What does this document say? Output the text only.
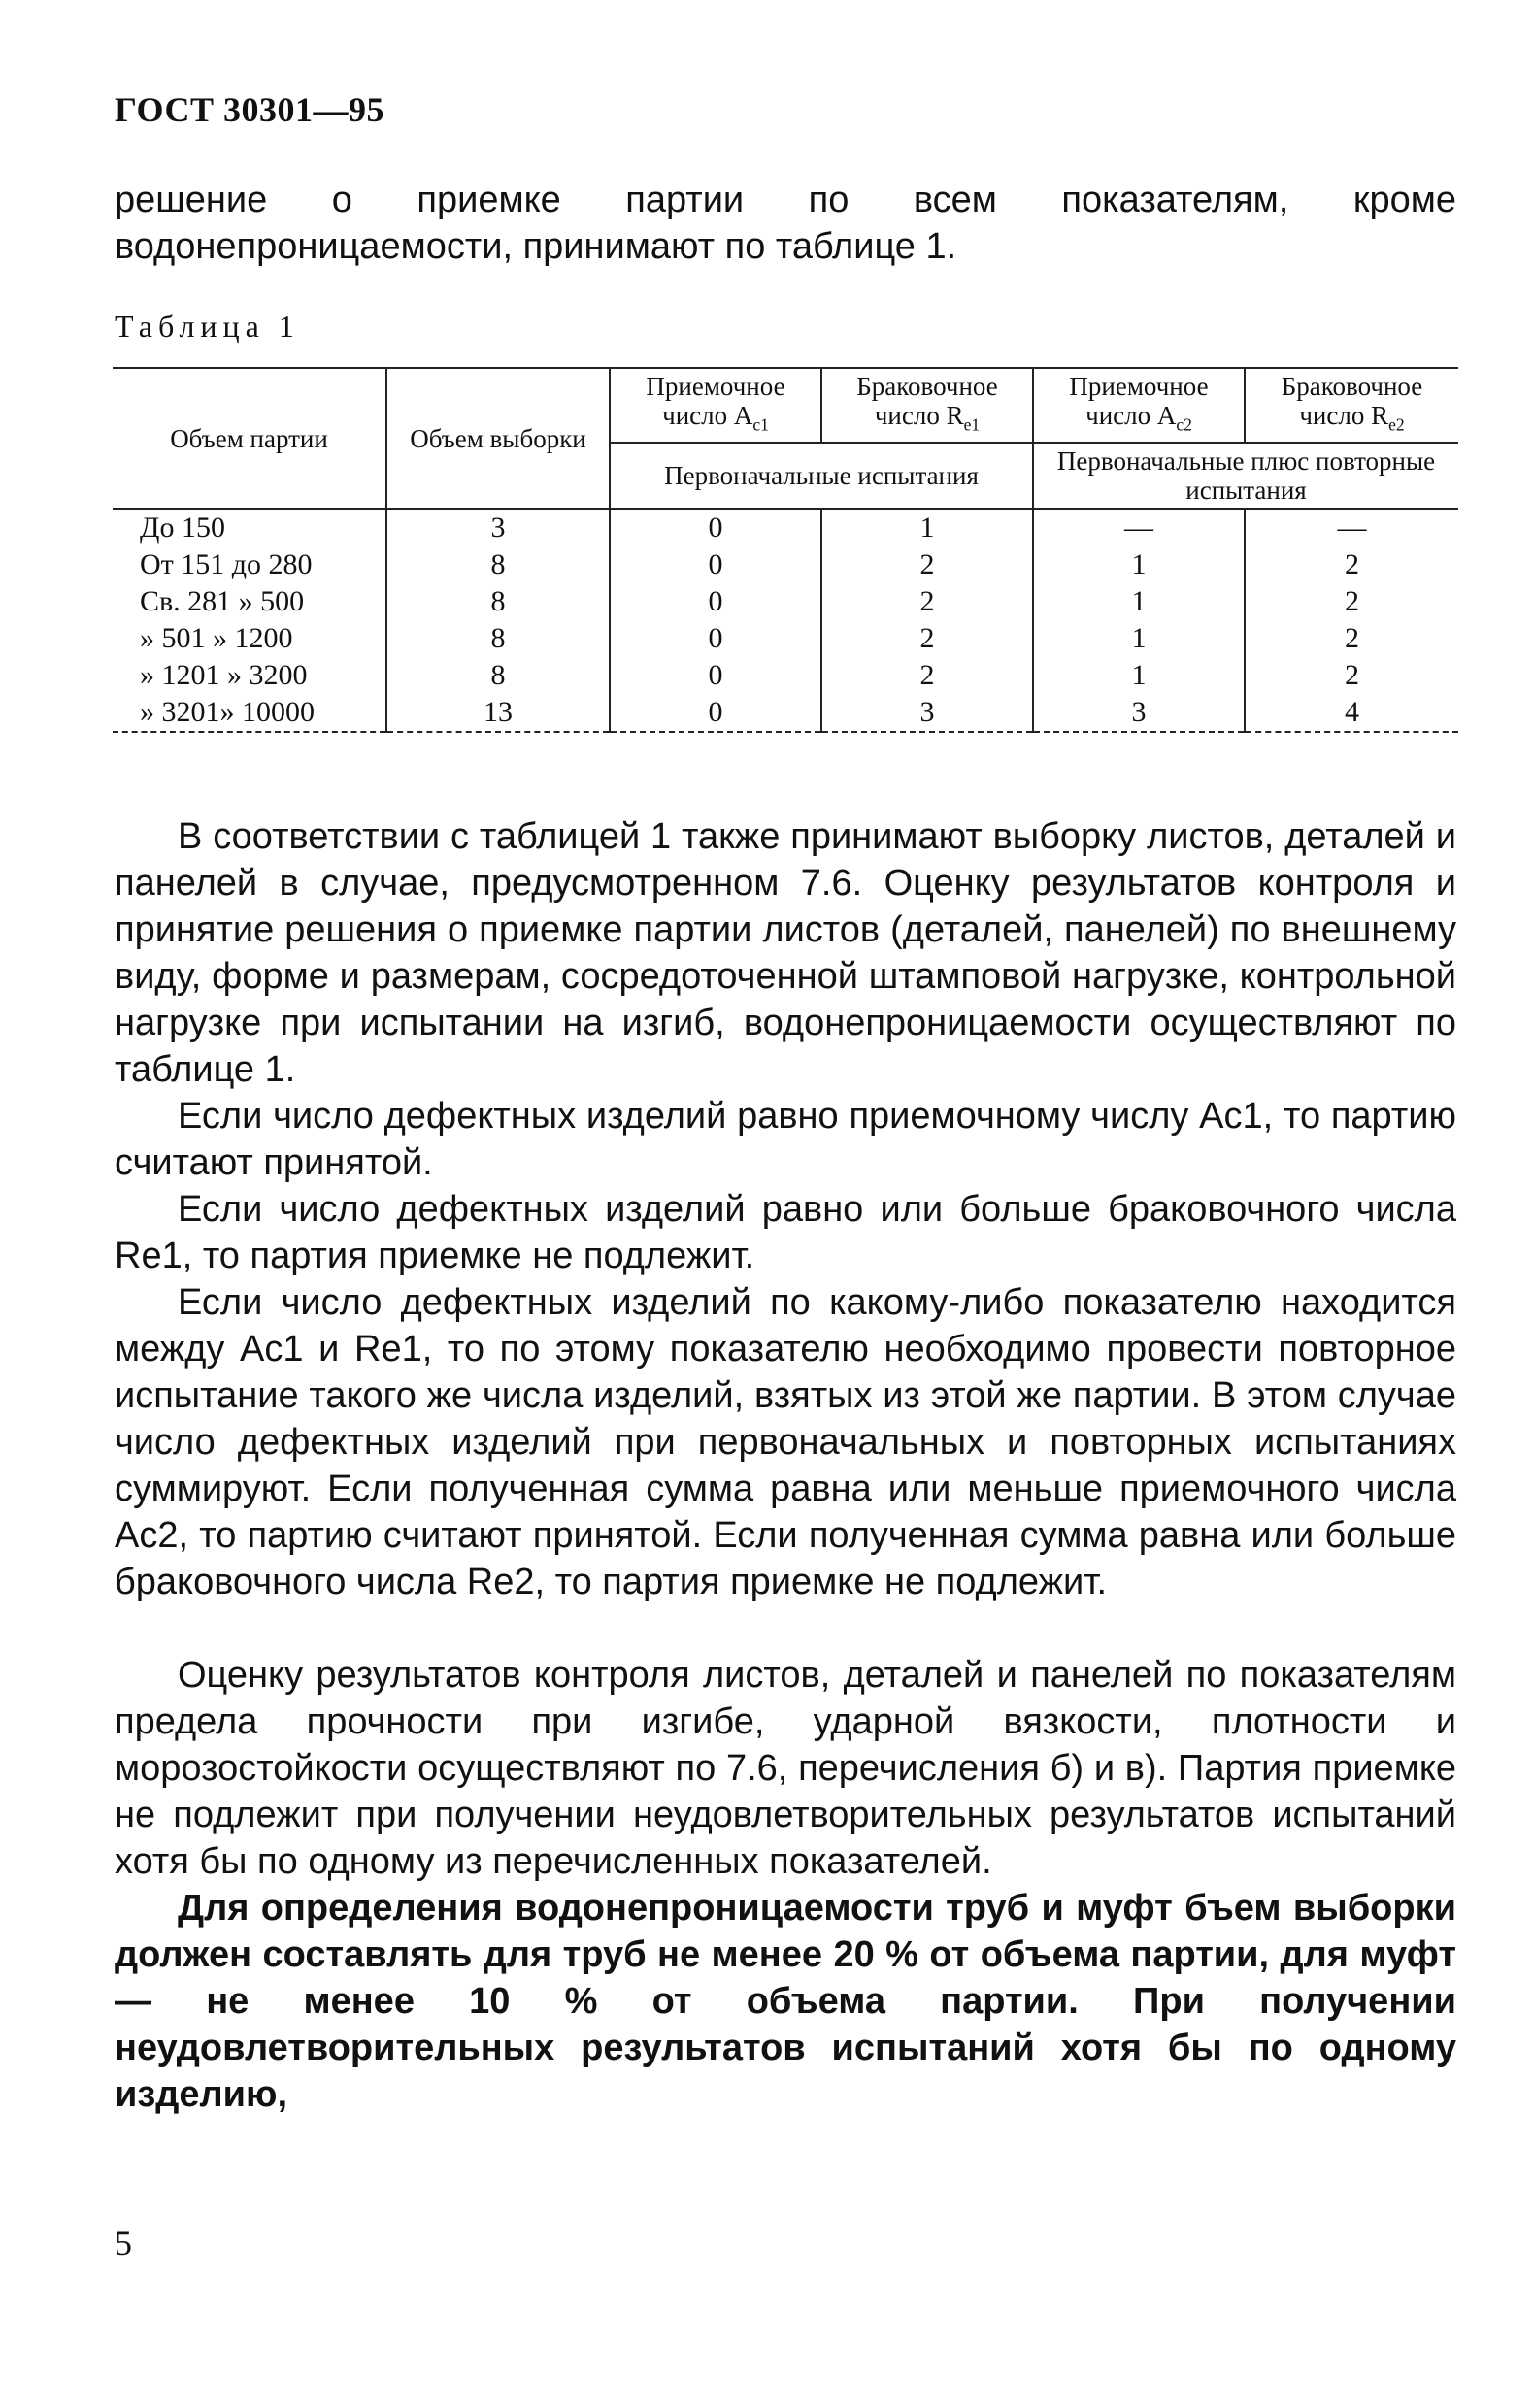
ГОСТ 30301—95
решение о приемке партии по всем показателям, кроме водонепроницаемости, принимают по таблице 1.
Таблица 1
Объем партии	Объем выборки	Приемочное число $A_{c1}$	Браковочное число $R_{e1}$	Приемочное число $A_{c2}$	Браковочное число $R_{e2}$
		Первоначальные испытания		Первоначальные плюс повторные испытания	
До 150	3	0	1	—	—
От 151 до 280	8	0	2	1	2
Св. 281 » 500	8	0	2	1	2
» 501 » 1200	8	0	2	1	2
» 1201 » 3200	8	0	2	1	2
» 3201» 10000	13	0	3	3	4
В соответствии с таблицей 1 также принимают выборку листов, деталей и панелей в случае, предусмотренном 7.6. Оценку результатов контроля и принятие решения о приемке партии листов (деталей, панелей) по внешнему виду, форме и размерам, сосредоточенной штамповой нагрузке, контрольной нагрузке при испытании на изгиб, водонепроницаемости осуществляют по таблице 1.
Если число дефектных изделий равно приемочному числу Ac1, то партию считают принятой.
Если число дефектных изделий равно или больше браковочного числа Re1, то партия приемке не подлежит.
Если число дефектных изделий по какому-либо показателю находится между Ac1 и Re1, то по этому показателю необходимо провести повторное испытание такого же числа изделий, взятых из этой же партии. В этом случае число дефектных изделий при первоначальных и повторных испытаниях суммируют. Если полученная сумма равна или меньше приемочного числа Ac2, то партию считают принятой. Если полученная сумма равна или больше браковочного числа Re2, то партия приемке не подлежит.
Оценку результатов контроля листов, деталей и панелей по показателям предела прочности при изгибе, ударной вязкости, плотности и морозостойкости осуществляют по 7.6, перечисления б) и в). Партия приемке не подлежит при получении неудовлетворительных результатов испытаний хотя бы по одному из перечисленных показателей.
Для определения водонепроницаемости труб и муфт бъем выборки должен составлять для труб не менее 20 % от объема партии, для муфт — не менее 10 % от объема партии. При получении неудовлетворительных результатов испытаний хотя бы по одному изделию,
5
